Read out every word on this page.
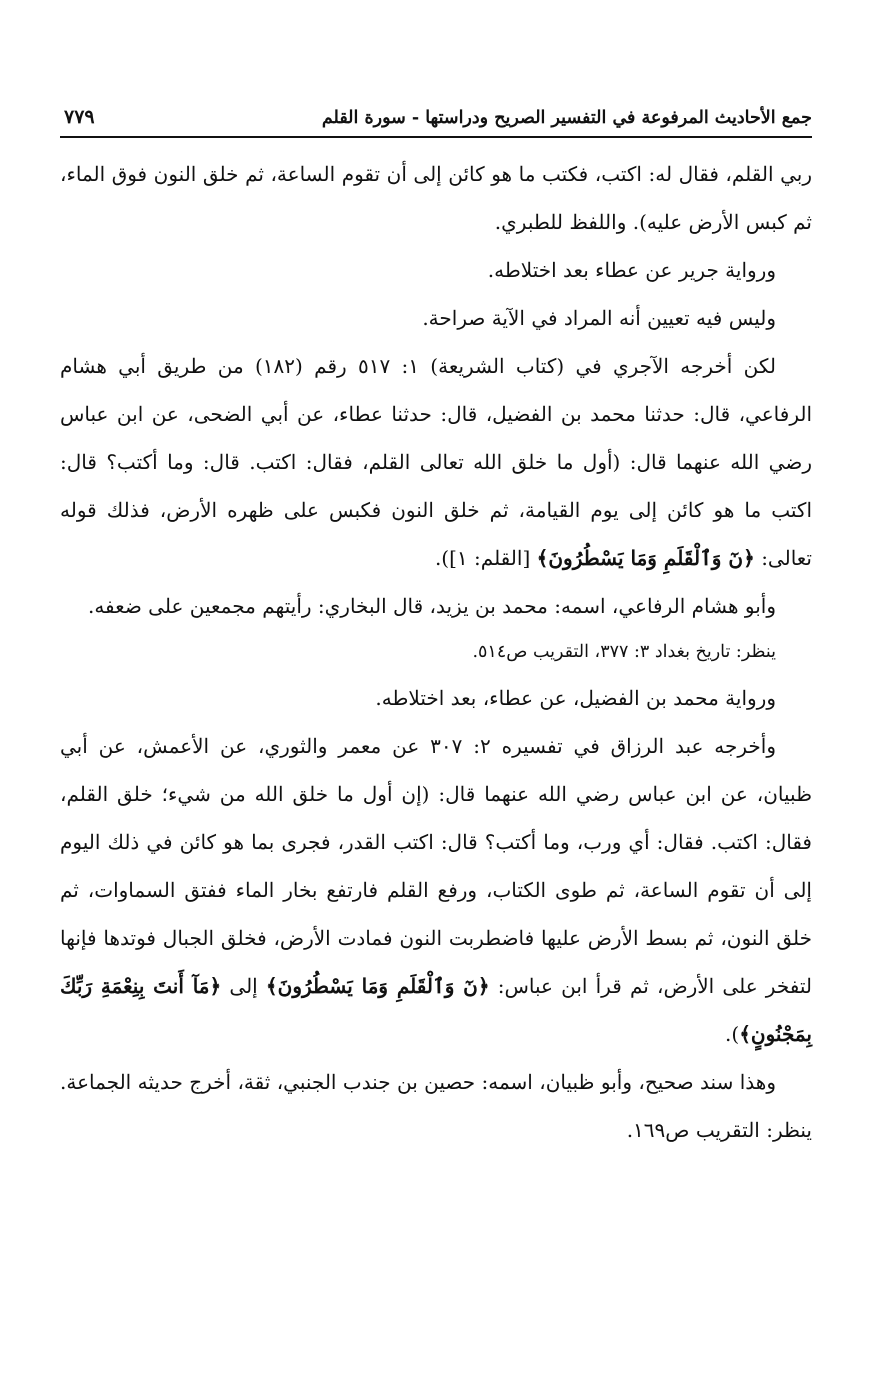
جمع الأحاديث المرفوعة في التفسير الصريح ودراستها - سورة القلم
٧٧٩

ربي القلم، فقال له: اكتب، فكتب ما هو كائن إلى أن تقوم الساعة، ثم خلق النون فوق الماء، ثم كبس الأرض عليه). واللفظ للطبري.

ورواية جرير عن عطاء بعد اختلاطه.

وليس فيه تعيين أنه المراد في الآية صراحة.

لكن أخرجه الآجري في (كتاب الشريعة) ١: ٥١٧ رقم (١٨٢) من طريق أبي هشام الرفاعي، قال: حدثنا محمد بن الفضيل، قال: حدثنا عطاء، عن أبي الضحى، عن ابن عباس رضي الله عنهما قال: (أول ما خلق الله تعالى القلم، فقال: اكتب. قال: وما أكتب؟ قال: اكتب ما هو كائن إلى يوم القيامة، ثم خلق النون فكبس على ظهره الأرض، فذلك قوله تعالى: ﴿نٓ وَٱلْقَلَمِ وَمَا يَسْطُرُونَ﴾ [القلم: ١]).

وأبو هشام الرفاعي، اسمه: محمد بن يزيد، قال البخاري: رأيتهم مجمعين على ضعفه.

ينظر: تاريخ بغداد ٣: ٣٧٧، التقريب ص٥١٤.

ورواية محمد بن الفضيل، عن عطاء، بعد اختلاطه.

وأخرجه عبد الرزاق في تفسيره ٢: ٣٠٧ عن معمر والثوري، عن الأعمش، عن أبي ظبيان، عن ابن عباس رضي الله عنهما قال: (إن أول ما خلق الله من شيء؛ خلق القلم، فقال: اكتب. فقال: أي ورب، وما أكتب؟ قال: اكتب القدر، فجرى بما هو كائن في ذلك اليوم إلى أن تقوم الساعة، ثم طوى الكتاب، ورفع القلم فارتفع بخار الماء ففتق السماوات، ثم خلق النون، ثم بسط الأرض عليها فاضطربت النون فمادت الأرض، فخلق الجبال فوتدها فإنها لتفخر على الأرض، ثم قرأ ابن عباس: ﴿نٓ وَٱلْقَلَمِ وَمَا يَسْطُرُونَ﴾ إلى ﴿مَآ أَنتَ بِنِعْمَةِ رَبِّكَ بِمَجْنُونٍ﴾).

وهذا سند صحيح، وأبو ظبيان، اسمه: حصين بن جندب الجنبي، ثقة، أخرج حديثه الجماعة. ينظر: التقريب ص١٦٩.
